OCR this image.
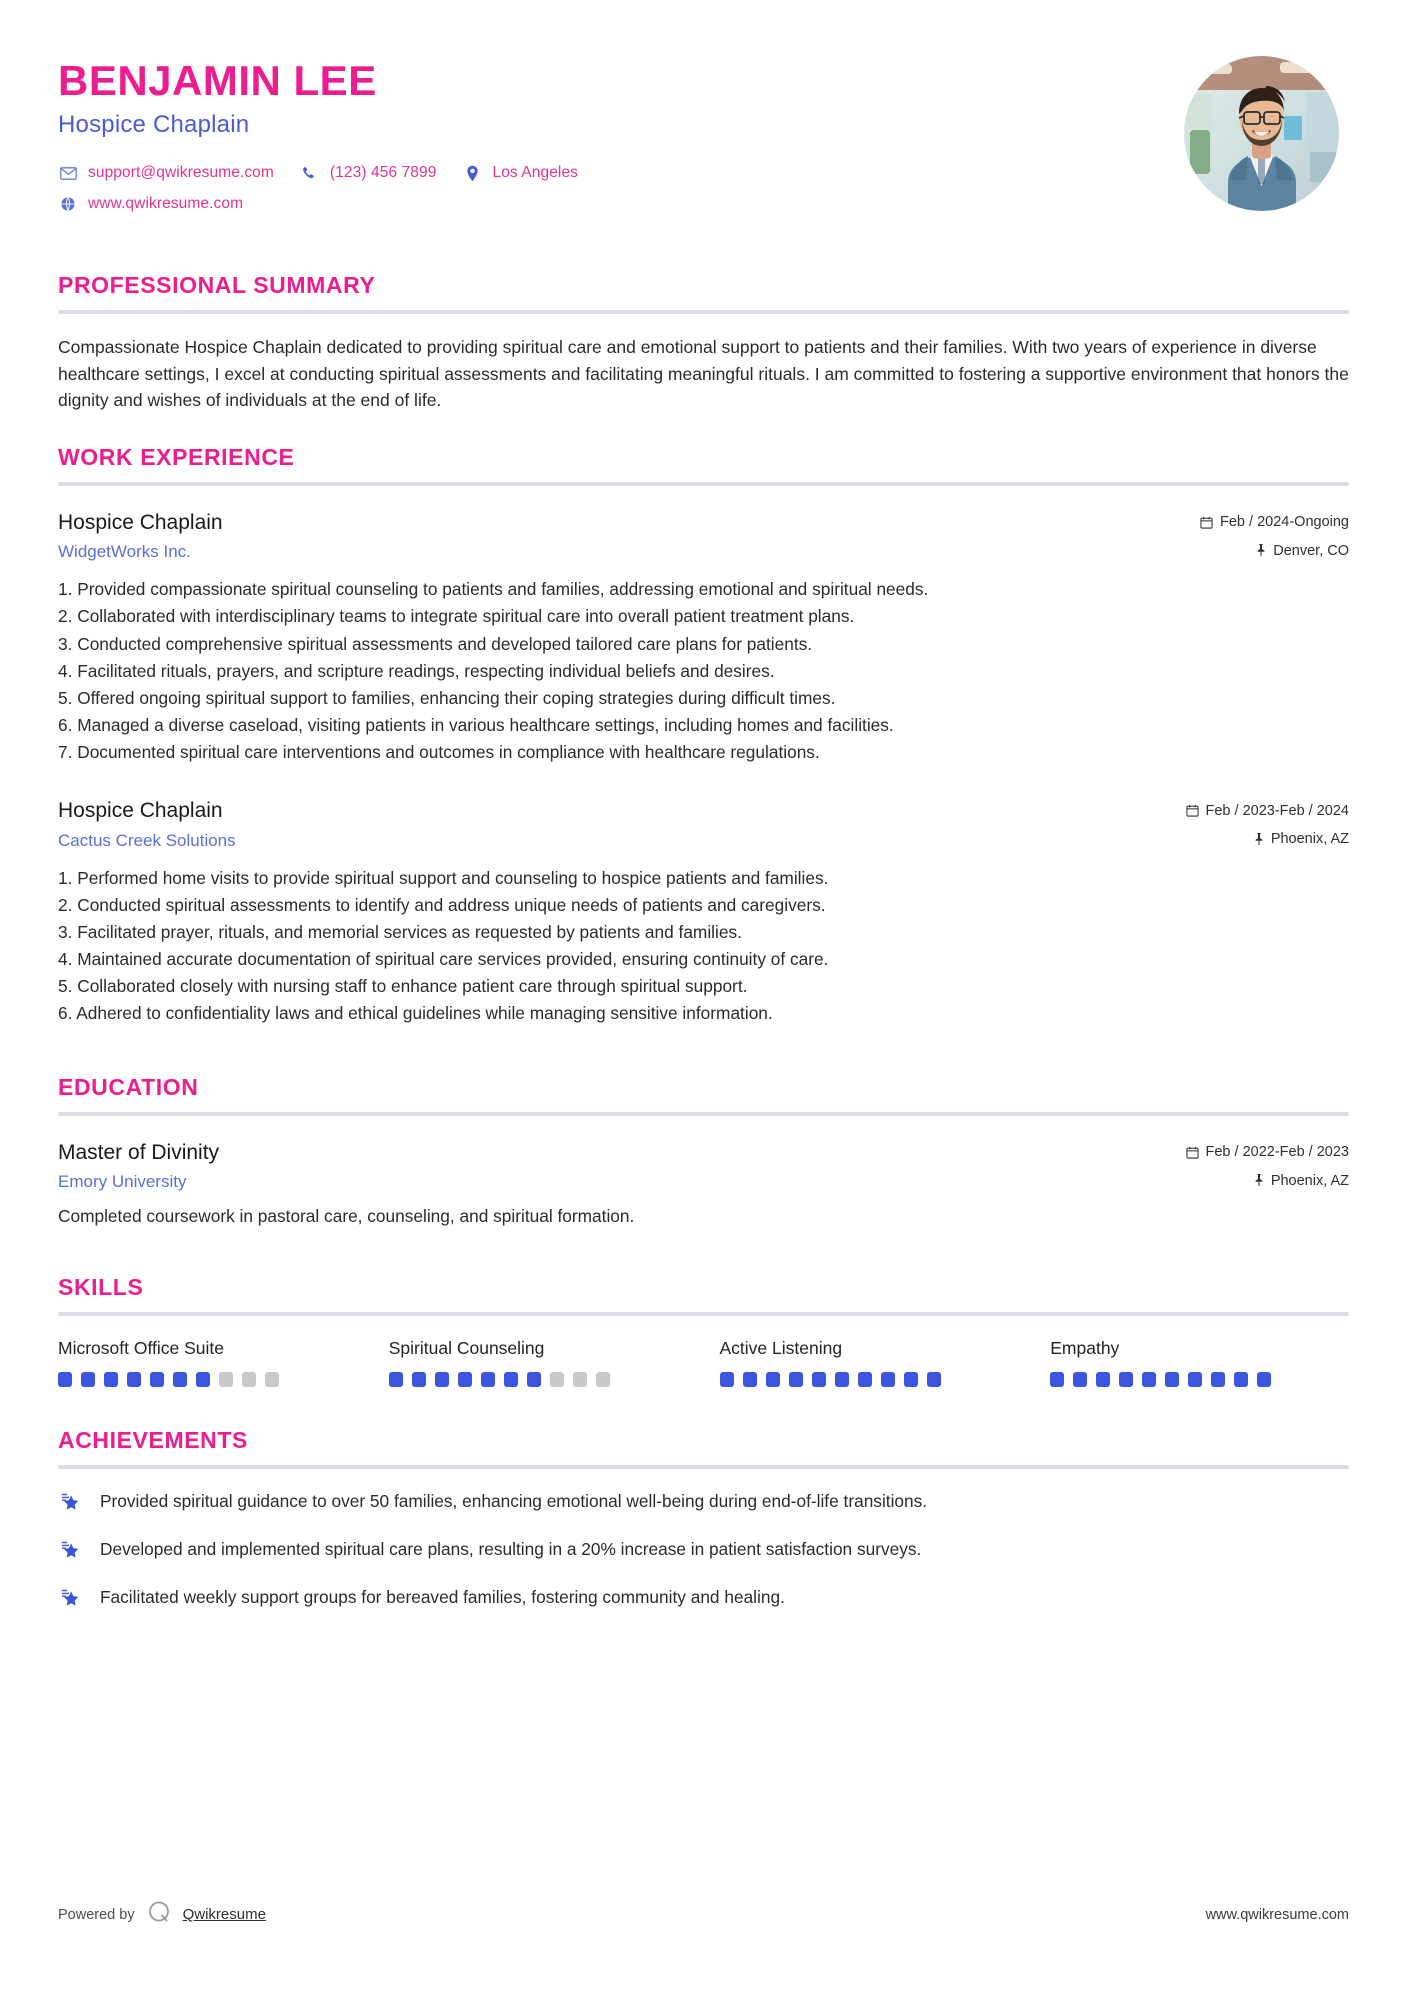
BENJAMIN LEE
Hospice Chaplain
support@qwikresume.com	(123) 456 7899	Los Angeles
www.qwikresume.com
PROFESSIONAL SUMMARY
Compassionate Hospice Chaplain dedicated to providing spiritual care and emotional support to patients and their families. With two years of experience in diverse healthcare settings, I excel at conducting spiritual assessments and facilitating meaningful rituals. I am committed to fostering a supportive environment that honors the dignity and wishes of individuals at the end of life.
WORK EXPERIENCE
Hospice Chaplain	Feb / 2024-Ongoing
WidgetWorks Inc.	Denver, CO
1. Provided compassionate spiritual counseling to patients and families, addressing emotional and spiritual needs.
2. Collaborated with interdisciplinary teams to integrate spiritual care into overall patient treatment plans.
3. Conducted comprehensive spiritual assessments and developed tailored care plans for patients.
4. Facilitated rituals, prayers, and scripture readings, respecting individual beliefs and desires.
5. Offered ongoing spiritual support to families, enhancing their coping strategies during difficult times.
6. Managed a diverse caseload, visiting patients in various healthcare settings, including homes and facilities.
7. Documented spiritual care interventions and outcomes in compliance with healthcare regulations.
Hospice Chaplain	Feb / 2023-Feb / 2024
Cactus Creek Solutions	Phoenix, AZ
1. Performed home visits to provide spiritual support and counseling to hospice patients and families.
2. Conducted spiritual assessments to identify and address unique needs of patients and caregivers.
3. Facilitated prayer, rituals, and memorial services as requested by patients and families.
4. Maintained accurate documentation of spiritual care services provided, ensuring continuity of care.
5. Collaborated closely with nursing staff to enhance patient care through spiritual support.
6. Adhered to confidentiality laws and ethical guidelines while managing sensitive information.
EDUCATION
Master of Divinity	Feb / 2022-Feb / 2023
Emory University	Phoenix, AZ
Completed coursework in pastoral care, counseling, and spiritual formation.
SKILLS
Microsoft Office Suite	Spiritual Counseling	Active Listening	Empathy
ACHIEVEMENTS
Provided spiritual guidance to over 50 families, enhancing emotional well-being during end-of-life transitions.
Developed and implemented spiritual care plans, resulting in a 20% increase in patient satisfaction surveys.
Facilitated weekly support groups for bereaved families, fostering community and healing.
Powered by	Qwikresume	www.qwikresume.com
